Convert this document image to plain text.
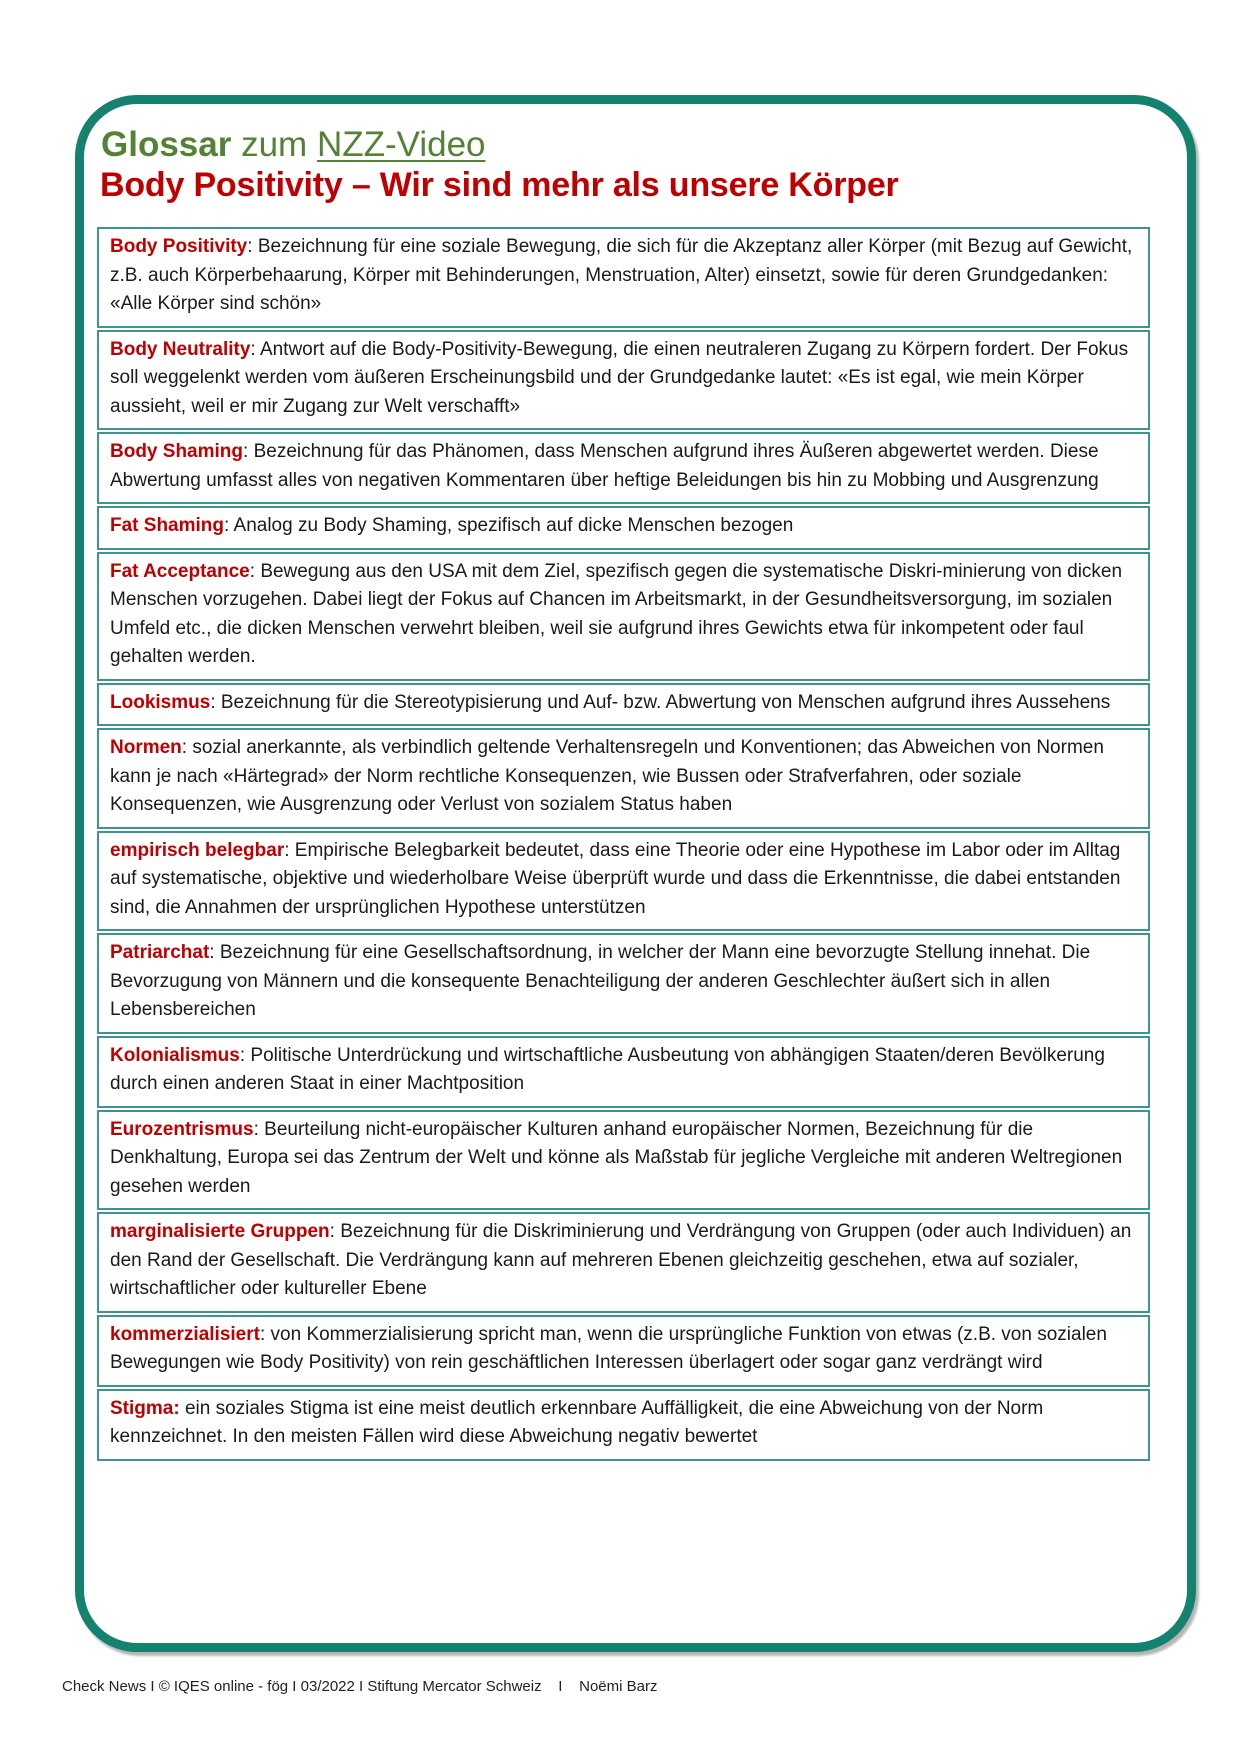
Glossar zum NZZ-Video
Body Positivity – Wir sind mehr als unsere Körper
Body Positivity: Bezeichnung für eine soziale Bewegung, die sich für die Akzeptanz aller Körper (mit Bezug auf Gewicht, z.B. auch Körperbehaarung, Körper mit Behinderungen, Menstruation, Alter) einsetzt, sowie für deren Grundgedanken: «Alle Körper sind schön»
Body Neutrality: Antwort auf die Body-Positivity-Bewegung, die einen neutraleren Zugang zu Körpern fordert. Der Fokus soll weggelenkt werden vom äußeren Erscheinungsbild und der Grundgedanke lautet: «Es ist egal, wie mein Körper aussieht, weil er mir Zugang zur Welt verschafft»
Body Shaming: Bezeichnung für das Phänomen, dass Menschen aufgrund ihres Äußeren abgewertet werden. Diese Abwertung umfasst alles von negativen Kommentaren über heftige Beleidungen bis hin zu Mobbing und Ausgrenzung
Fat Shaming: Analog zu Body Shaming, spezifisch auf dicke Menschen bezogen
Fat Acceptance: Bewegung aus den USA mit dem Ziel, spezifisch gegen die systematische Diskri-minierung von dicken Menschen vorzugehen. Dabei liegt der Fokus auf Chancen im Arbeitsmarkt, in der Gesundheitsversorgung, im sozialen Umfeld etc., die dicken Menschen verwehrt bleiben, weil sie aufgrund ihres Gewichts etwa für inkompetent oder faul gehalten werden.
Lookismus: Bezeichnung für die Stereotypisierung und Auf- bzw. Abwertung von Menschen aufgrund ihres Aussehens
Normen: sozial anerkannte, als verbindlich geltende Verhaltensregeln und Konventionen; das Abweichen von Normen kann je nach «Härtegrad» der Norm rechtliche Konsequenzen, wie Bussen oder Strafverfahren, oder soziale Konsequenzen, wie Ausgrenzung oder Verlust von sozialem Status haben
empirisch belegbar: Empirische Belegbarkeit bedeutet, dass eine Theorie oder eine Hypothese im Labor oder im Alltag auf systematische, objektive und wiederholbare Weise überprüft wurde und dass die Erkenntnisse, die dabei entstanden sind, die Annahmen der ursprünglichen Hypothese unterstützen
Patriarchat: Bezeichnung für eine Gesellschaftsordnung, in welcher der Mann eine bevorzugte Stellung innehat. Die Bevorzugung von Männern und die konsequente Benachteiligung der anderen Geschlechter äußert sich in allen Lebensbereichen
Kolonialismus: Politische Unterdrückung und wirtschaftliche Ausbeutung von abhängigen Staaten/deren Bevölkerung durch einen anderen Staat in einer Machtposition
Eurozentrismus: Beurteilung nicht-europäischer Kulturen anhand europäischer Normen, Bezeichnung für die Denkhaltung, Europa sei das Zentrum der Welt und könne als Maßstab für jegliche Vergleiche mit anderen Weltregionen gesehen werden
marginalisierte Gruppen: Bezeichnung für die Diskriminierung und Verdrängung von Gruppen (oder auch Individuen) an den Rand der Gesellschaft. Die Verdrängung kann auf mehreren Ebenen gleichzeitig geschehen, etwa auf sozialer, wirtschaftlicher oder kultureller Ebene
kommerzialisiert: von Kommerzialisierung spricht man, wenn die ursprüngliche Funktion von etwas (z.B. von sozialen Bewegungen wie Body Positivity) von rein geschäftlichen Interessen überlagert oder sogar ganz verdrängt wird
Stigma: ein soziales Stigma ist eine meist deutlich erkennbare Auffälligkeit, die eine Abweichung von der Norm kennzeichnet. In den meisten Fällen wird diese Abweichung negativ bewertet
Check News I © IQES online - fög I 03/2022 I Stiftung Mercator Schweiz    I    Noëmi Barz
